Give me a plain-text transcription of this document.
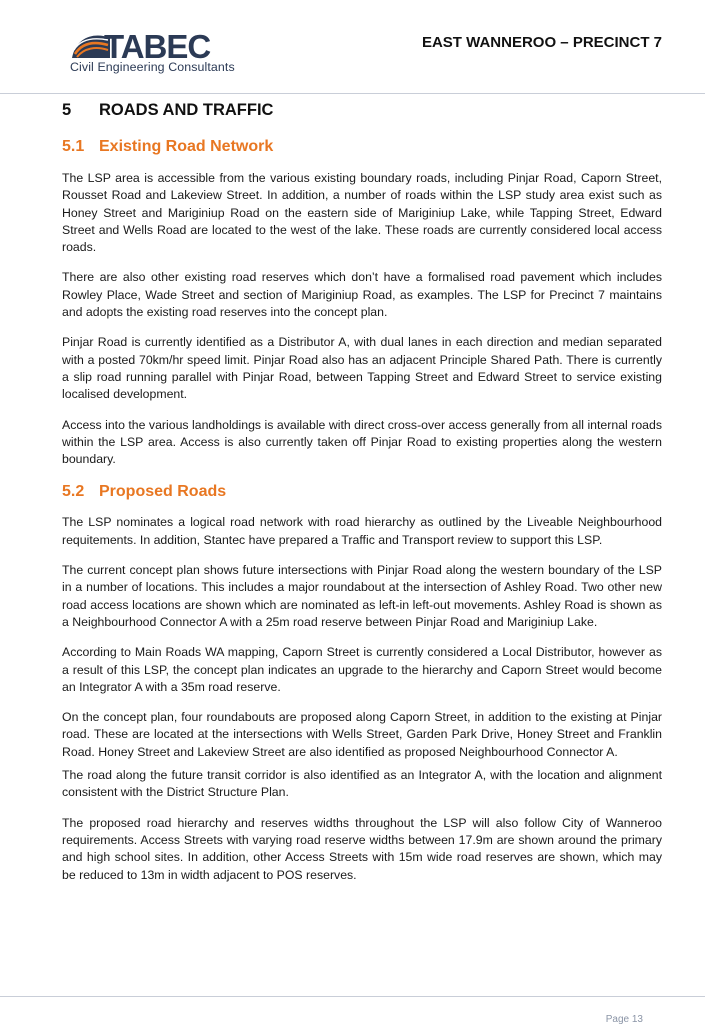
TABEC
Civil Engineering Consultants
EAST WANNEROO – PRECINCT 7
5 ROADS AND TRAFFIC
5.1 Existing Road Network

The LSP area is accessible from the various existing boundary roads, including Pinjar Road, Caporn Street, Rousset Road and Lakeview Street. In addition, a number of roads within the LSP study area exist such as Honey Street and Mariginiup Road on the eastern side of Mariginiup Lake, while Tapping Street, Edward Street and Wells Road are located to the west of the lake. These roads are currently considered local access roads.

There are also other existing road reserves which don’t have a formalised road pavement which includes Rowley Place, Wade Street and section of Mariginiup Road, as examples. The LSP for Precinct 7 maintains and adopts the existing road reserves into the concept plan.

Pinjar Road is currently identified as a Distributor A, with dual lanes in each direction and median separated with a posted 70km/hr speed limit. Pinjar Road also has an adjacent Principle Shared Path. There is currently a slip road running parallel with Pinjar Road, between Tapping Street and Edward Street to service existing localised development.

Access into the various landholdings is available with direct cross-over access generally from all internal roads within the LSP area. Access is also currently taken off Pinjar Road to existing properties along the western boundary.

5.2 Proposed Roads

The LSP nominates a logical road network with road hierarchy as outlined by the Liveable Neighbourhood requitements. In addition, Stantec have prepared a Traffic and Transport review to support this LSP.

The current concept plan shows future intersections with Pinjar Road along the western boundary of the LSP in a number of locations. This includes a major roundabout at the intersection of Ashley Road. Two other new road access locations are shown which are nominated as left-in left-out movements. Ashley Road is shown as a Neighbourhood Connector A with a 25m road reserve between Pinjar Road and Mariginiup Lake.

According to Main Roads WA mapping, Caporn Street is currently considered a Local Distributor, however as a result of this LSP, the concept plan indicates an upgrade to the hierarchy and Caporn Street would become an Integrator A with a 35m road reserve.

On the concept plan, four roundabouts are proposed along Caporn Street, in addition to the existing at Pinjar road. These are located at the intersections with Wells Street, Garden Park Drive, Honey Street and Franklin Road. Honey Street and Lakeview Street are also identified as proposed Neighbourhood Connector A.

The road along the future transit corridor is also identified as an Integrator A, with the location and alignment consistent with the District Structure Plan.

The proposed road hierarchy and reserves widths throughout the LSP will also follow City of Wanneroo requirements. Access Streets with varying road reserve widths between 17.9m are shown around the primary and high school sites. In addition, other Access Streets with 15m wide road reserves are shown, which may be reduced to 13m in width adjacent to POS reserves.

Page 13
